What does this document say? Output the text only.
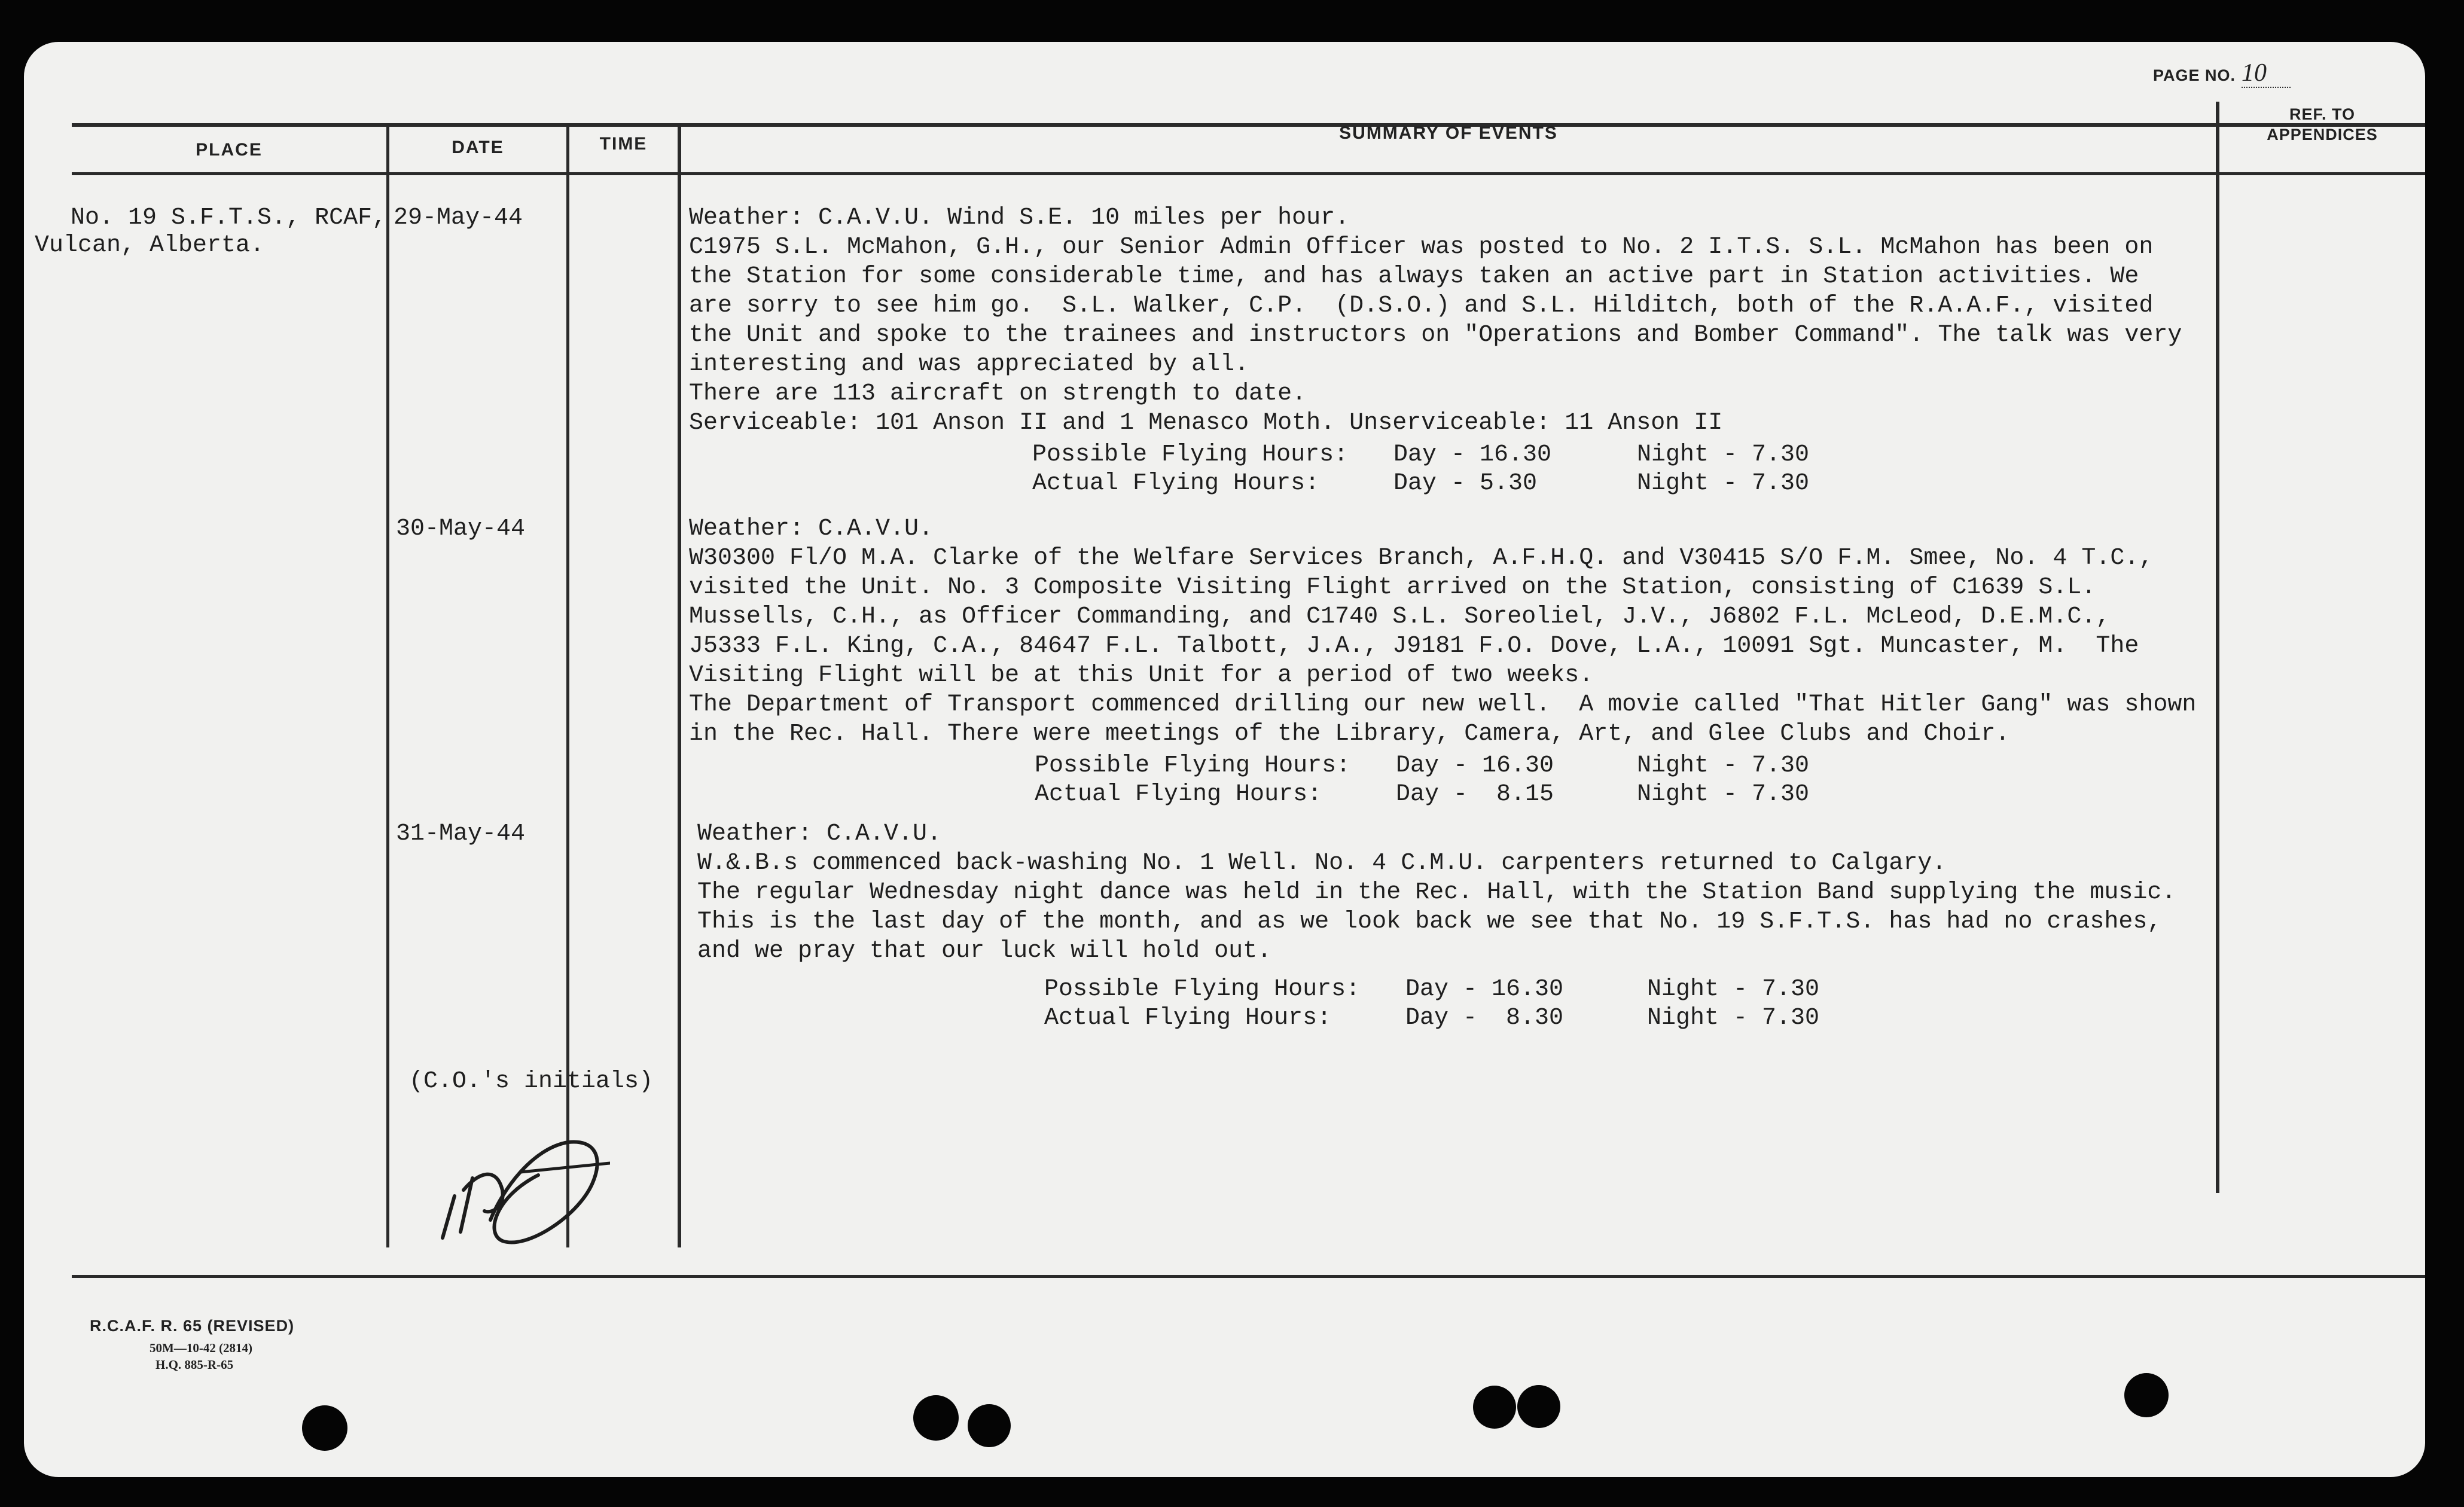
PAGE NO. 10
PLACE	DATE	TIME
SUMMARY OF EVENTS
REF. TO
APPENDICES
No. 19 S.F.T.S., RCAF,
Vulcan, Alberta.
29-May-44	Weather: C.A.V.U. Wind S.E. 10 miles per hour.
C1975 S.L. McMahon, G.H., our Senior Admin Officer was posted to No. 2 I.T.S. S.L. McMahon has been on
the Station for some considerable time, and has always taken an active part in Station activities. We
are sorry to see him go.  S.L. Walker, C.P.  (D.S.O.) and S.L. Hilditch, both of the R.A.A.F., visited
the Unit and spoke to the trainees and instructors on "Operations and Bomber Command". The talk was very
interesting and was appreciated by all.
There are 113 aircraft on strength to date.
Serviceable: 101 Anson II and 1 Menasco Moth. Unserviceable: 11 Anson II
Possible Flying Hours: Day - 16.30	Night - 7.30
Actual Flying Hours:	Day - 5.30	Night - 7.30
30-May-44	Weather: C.A.V.U.
W30300 Fl/O M.A. Clarke of the Welfare Services Branch, A.F.H.Q. and V30415 S/O F.M. Smee, No. 4 T.C.,
visited the Unit. No. 3 Composite Visiting Flight arrived on the Station, consisting of C1639 S.L.
Mussells, C.H., as Officer Commanding, and C1740 S.L. Soreoliel, J.V., J6802 F.L. McLeod, D.E.M.C.,
J5333 F.L. King, C.A., 84647 F.L. Talbott, J.A., J9181 F.O. Dove, L.A., 10091 Sgt. Muncaster, M.  The
Visiting Flight will be at this Unit for a period of two weeks.
The Department of Transport commenced drilling our new well.  A movie called "That Hitler Gang" was shown
in the Rec. Hall. There were meetings of the Library, Camera, Art, and Glee Clubs and Choir.
Possible Flying Hours: Day - 16.30	Night - 7.30
Actual Flying Hours:	Day -  8.15	Night - 7.30
31-May-44	Weather: C.A.V.U.
W.&.B.s commenced back-washing No. 1 Well. No. 4 C.M.U. carpenters returned to Calgary.
The regular Wednesday night dance was held in the Rec. Hall, with the Station Band supplying the music.
This is the last day of the month, and as we look back we see that No. 19 S.F.T.S. has had no crashes,
and we pray that our luck will hold out.
Possible Flying Hours: Day - 16.30	Night - 7.30
Actual Flying Hours:	Day -  8.30	Night - 7.30
(C.O.'s initials)
R.C.A.F. R. 65 (REVISED)
50M—10-42 (2814)
H.Q. 885-R-65
